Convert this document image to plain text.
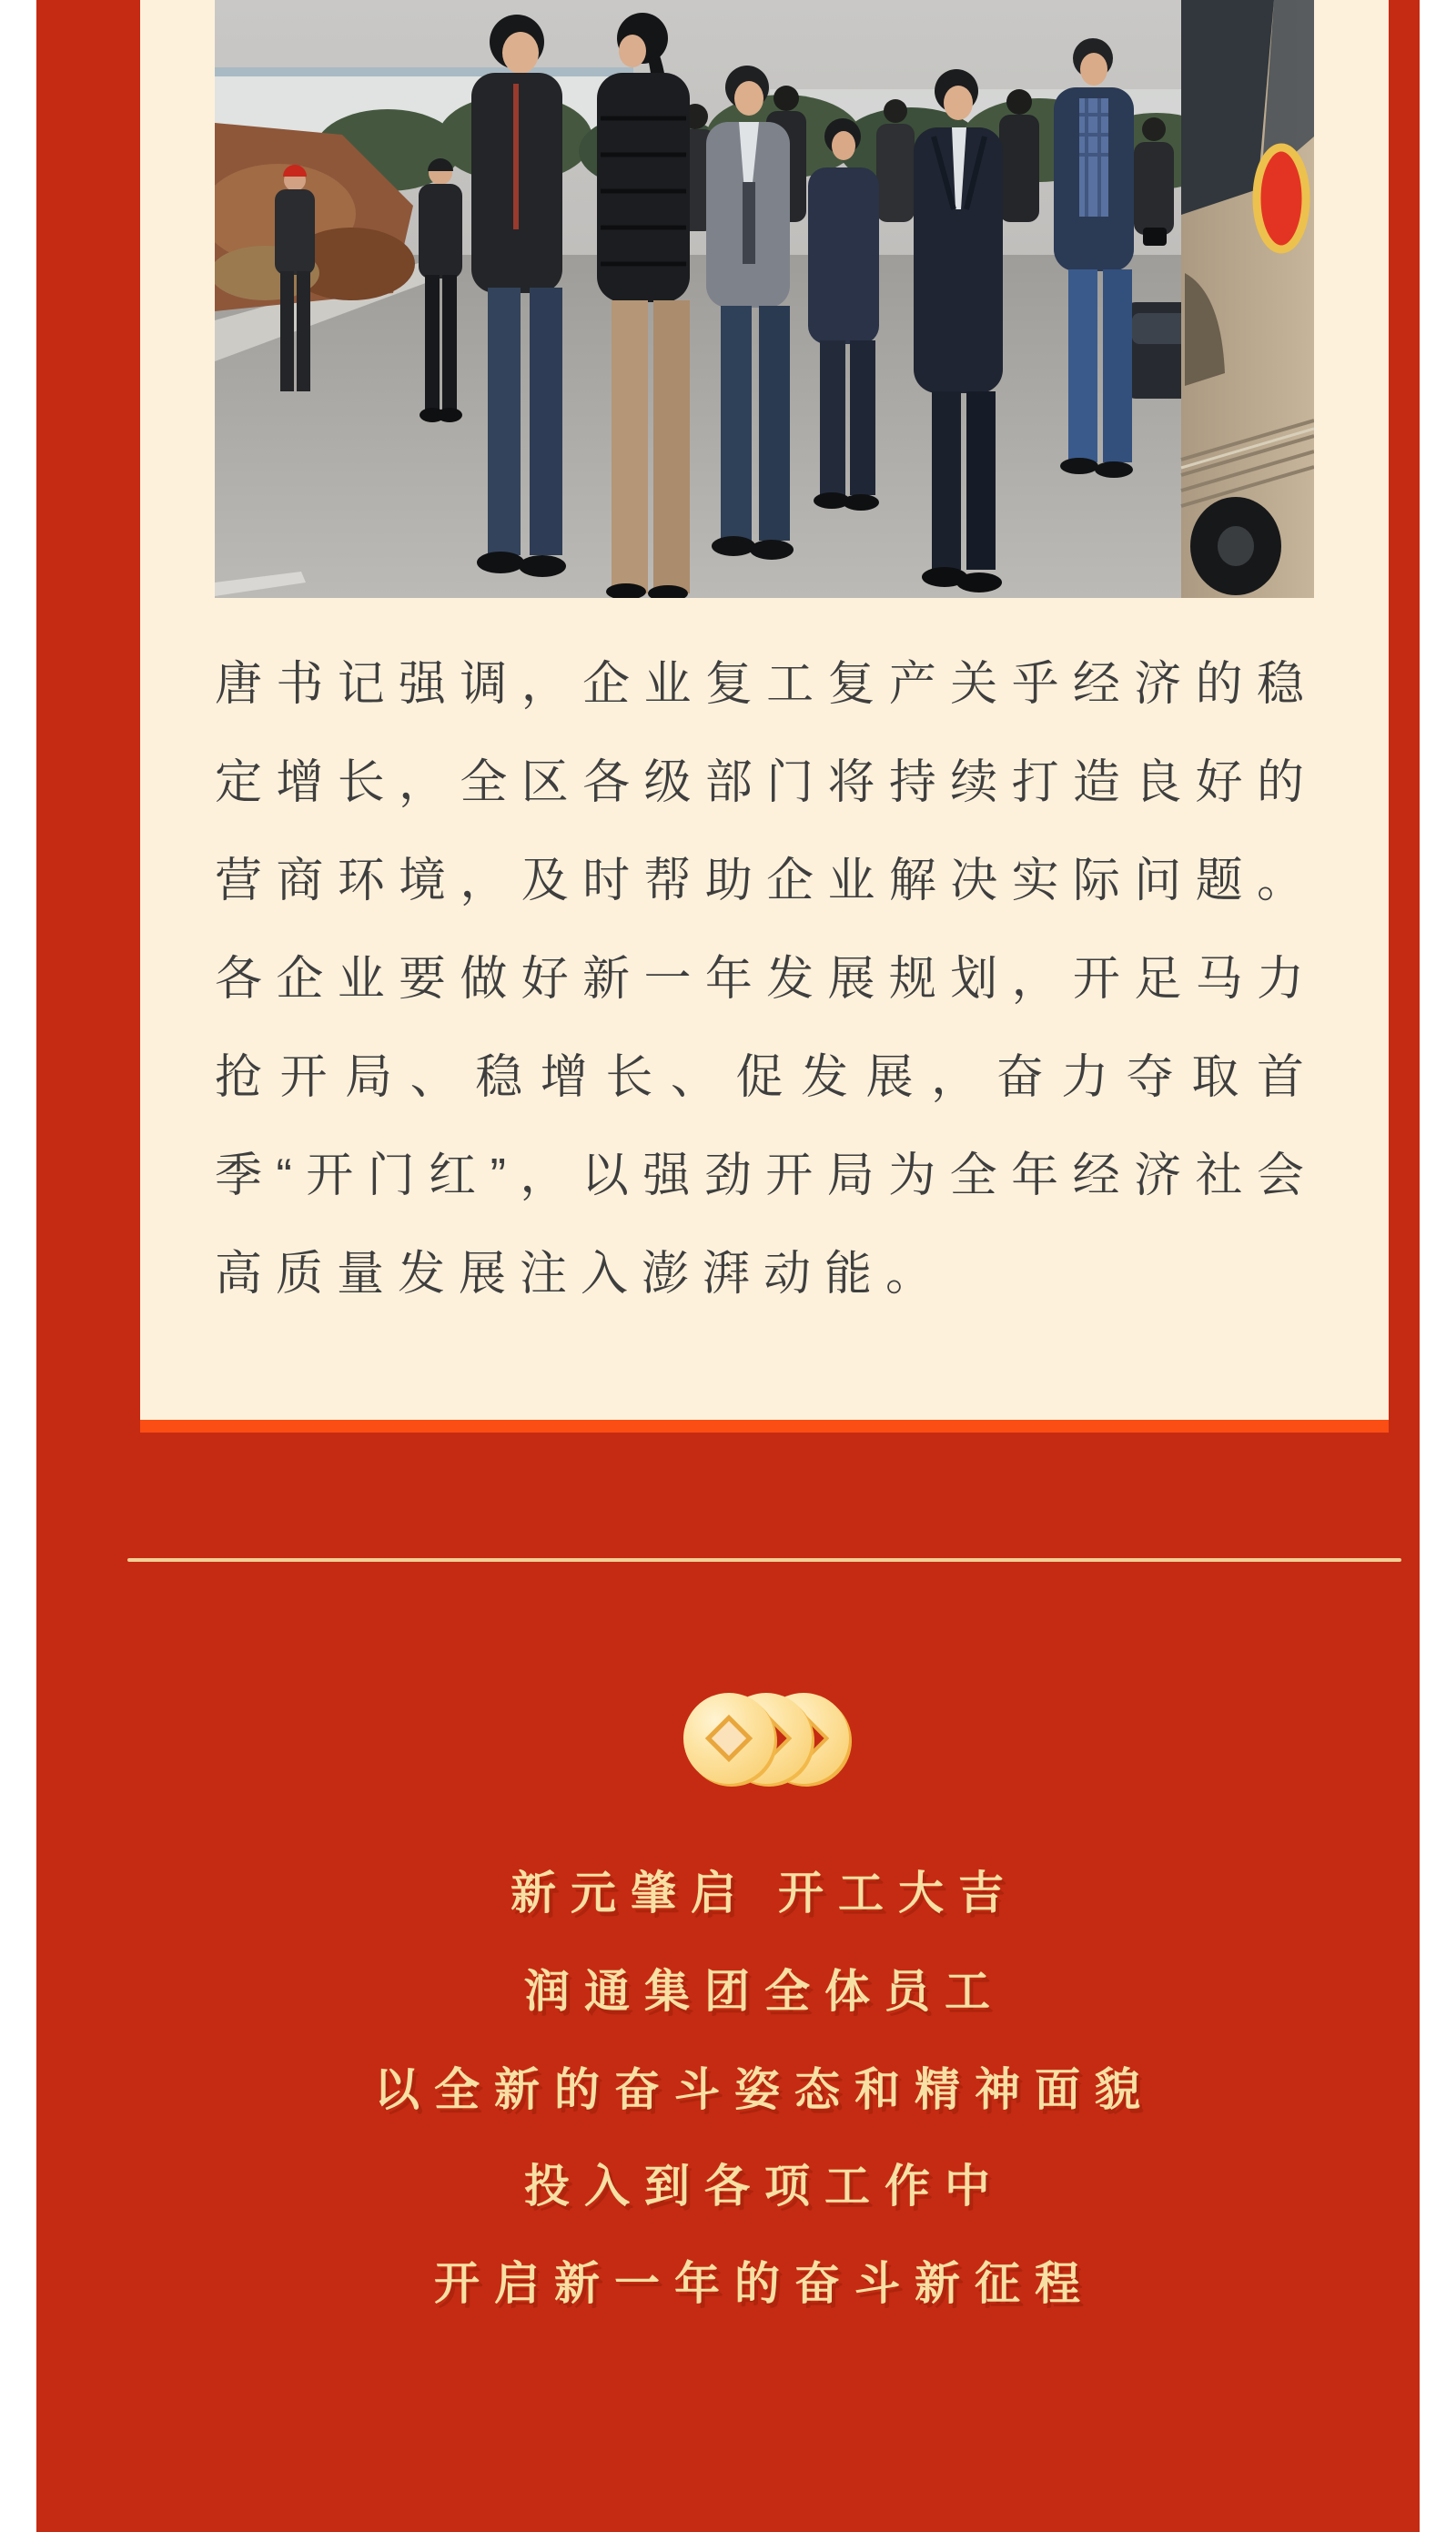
唐书记强调，企业复工复产关乎经济的稳定增长，全区各级部门将持续打造良好的营商环境，及时帮助企业解决实际问题。各企业要做好新一年发展规划，开足马力抢开局、稳增长、促发展，奋力夺取首季“开门红”，以强劲开局为全年经济社会高质量发展注入澎湃动能。
新元肇启 开工大吉
润通集团全体员工
以全新的奋斗姿态和精神面貌
投入到各项工作中
开启新一年的奋斗新征程
